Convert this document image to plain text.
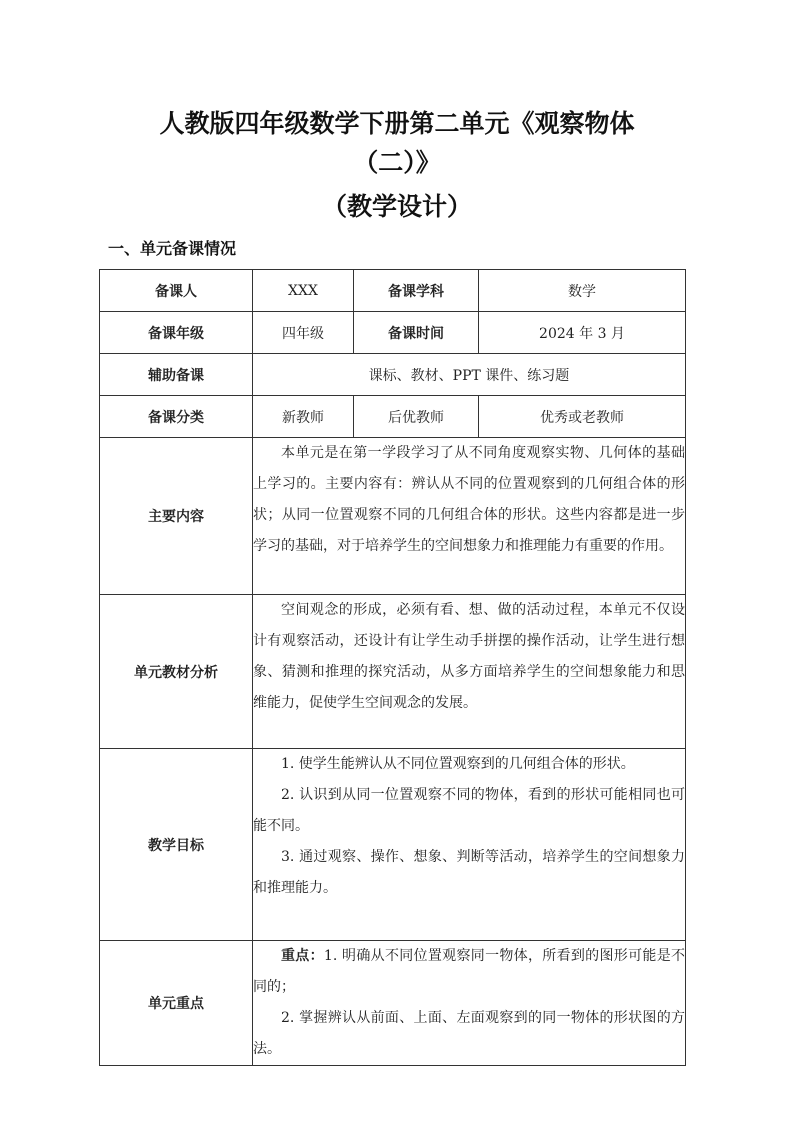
人教版四年级数学下册第二单元《观察物体
（二）》
（教学设计）
一、单元备课情况
备课人	XXX	备课学科	数学
备课年级	四年级	备课时间	2024 年 3 月
辅助备课	课标、教材、PPT 课件、练习题		
备课分类	新教师	后优教师	优秀或老教师
主要内容	本单元是在第一学段学习了从不同角度观察实物、几何体的基础上学习的。主要内容有：辨认从不同的位置观察到的几何组合体的形状；从同一位置观察不同的几何组合体的形状。这些内容都是进一步学习的基础，对于培养学生的空间想象力和推理能力有重要的作用。		

单元教材分析	空间观念的形成，必须有看、想、做的活动过程，本单元不仅设计有观察活动，还设计有让学生动手拼摆的操作活动，让学生进行想象、猜测和推理的探究活动，从多方面培养学生的空间想象能力和思维能力，促使学生空间观念的发展。		

教学目标	1. 使学生能辨认从不同位置观察到的几何组合体的形状。

2. 认识到从同一位置观察不同的物体，看到的形状可能相同也可能不同。

3. 通过观察、操作、想象、判断等活动，培养学生的空间想象力和推理能力。		

单元重点	重点：1. 明确从不同位置观察同一物体，所看到的图形可能是不同的；

2. 掌握辨认从前面、上面、左面观察到的同一物体的形状图的方法。		
